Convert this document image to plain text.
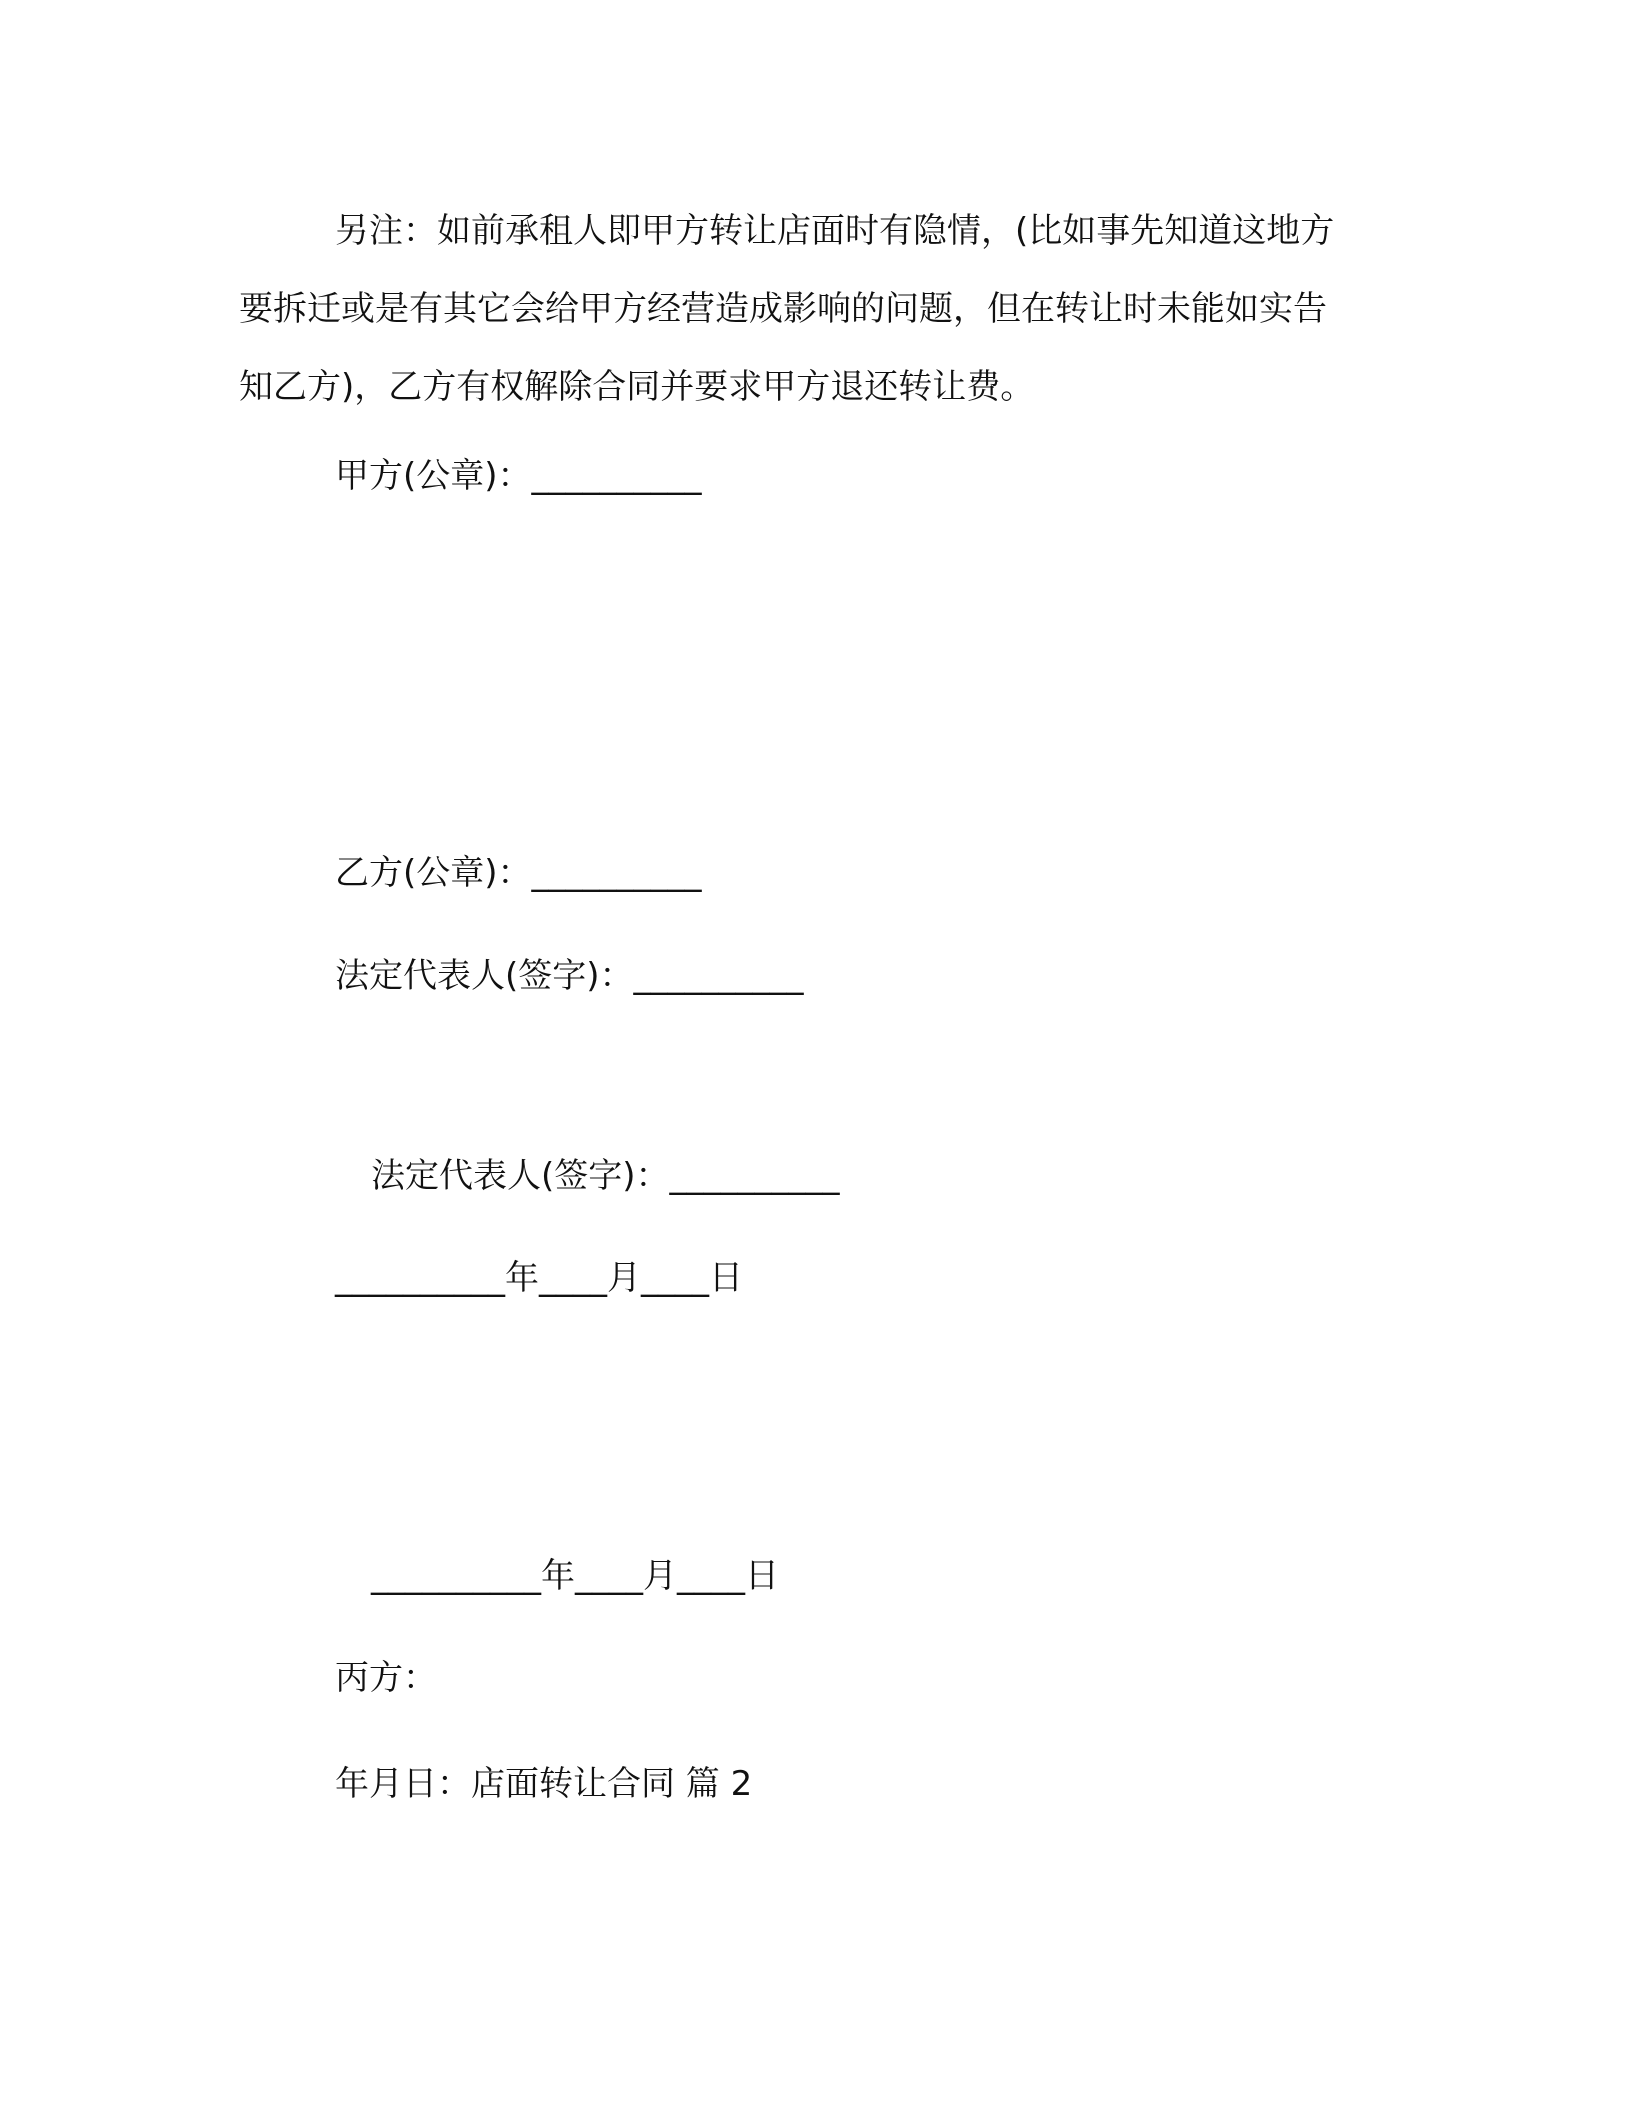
另注：如前承租人即甲方转让店面时有隐情，(比如事先知道这地方要拆迁或是有其它会给甲方经营造成影响的问题，但在转让时未能如实告知乙方)，乙方有权解除合同并要求甲方退还转让费。

甲方(公章)：__________

乙方(公章)：__________

法定代表人(签字)：__________

法定代表人(签字)：__________

__________年____月____日

__________年____月____日

丙方：

年月日：店面转让合同 篇 2
